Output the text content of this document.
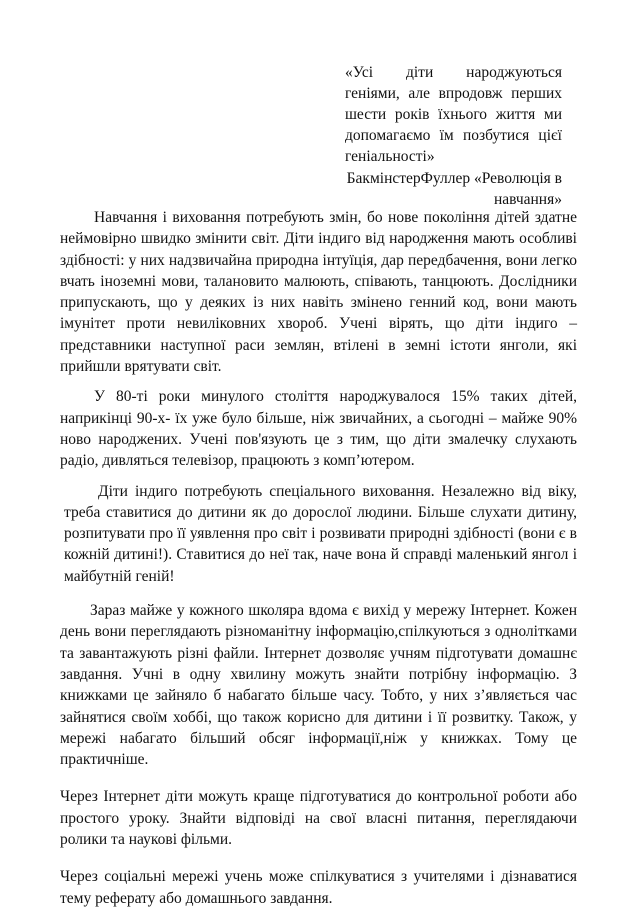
«Усі діти народжуються геніями, але впродовж перших шести років їхнього життя ми допомагаємо їм позбутися цієї геніальності»

БакмінстерФуллер «Революція в навчання»

Навчання і виховання потребують змін, бо нове покоління дітей здатне неймовірно швидко змінити світ. Діти індиго від народження мають особливі здібності: у них надзвичайна природна інтуїція, дар передбачення, вони легко вчать іноземні мови, талановито малюють, співають, танцюють. Дослідники припускають, що у деяких із них навіть змінено генний код, вони мають імунітет проти невиліковних хвороб. Учені вірять, що діти індиго – представники наступної раси землян, втілені в земні істоти янголи, які прийшли врятувати світ.

У 80-ті роки минулого століття народжувалося 15% таких дітей, наприкінці 90-х- їх уже було більше, ніж звичайних, а сьогодні – майже 90% ново народжених. Учені пов'язують це з тим, що діти змалечку слухають радіо, дивляться телевізор, працюють з комп’ютером.

Діти індиго потребують спеціального виховання. Незалежно від віку, треба ставитися до дитини як до дорослої людини. Більше слухати дитину, розпитувати про її уявлення про світ і розвивати природні здібності (вони є в кожній дитині!). Ставитися до неї так, наче вона й справді маленький янгол і майбутній геній!

Зараз майже у кожного школяра вдома є вихід у мережу Інтернет. Кожен день вони переглядають різноманітну інформацію,спілкуються з однолітками та завантажують різні файли. Інтернет дозволяє учням підготувати домашнє завдання. Учні в одну хвилину можуть знайти потрібну інформацію. З книжками це зайняло б набагато більше часу. Тобто, у них з’являється час зайнятися своїм хоббі, що також корисно для дитини і її розвитку. Також, у мережі набагато більший обсяг інформації,ніж у книжках. Тому це практичніше.

Через Інтернет діти можуть краще підготуватися до контрольної роботи або простого уроку. Знайти відповіді на свої власні питання, переглядаючи ролики та наукові фільми.

Через соціальні мережі учень може спілкуватися з учителями і дізнаватися тему реферату або домашнього завдання.
